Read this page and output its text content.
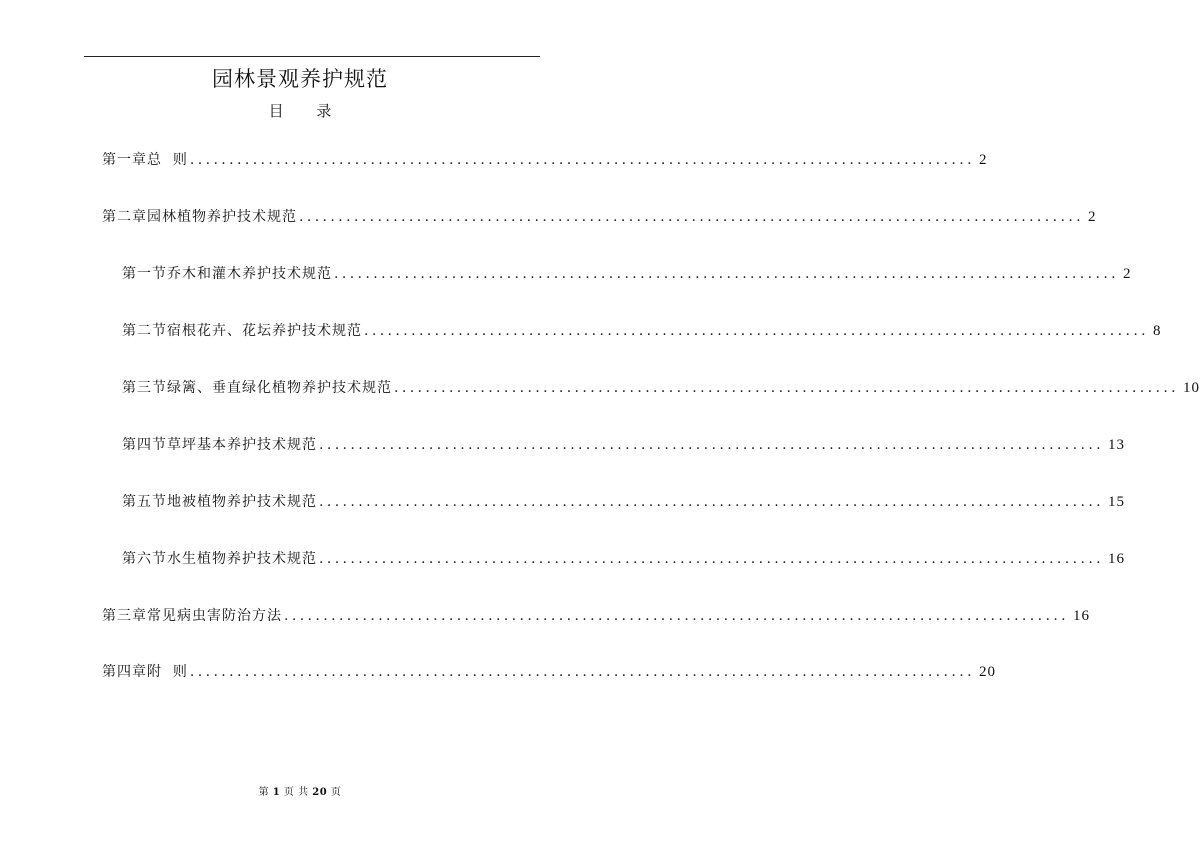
园林景观养护规范
目 录
第一章 总  则 .................................................................................................... 2
第二章 园林植物养护技术规范 .................................................................................................... 2
第一节 乔木和灌木养护技术规范 .................................................................................................... 2
第二节 宿根花卉、花坛养护技术规范 .................................................................................................... 8
第三节 绿篱、垂直绿化植物养护技术规范 .................................................................................................... 10
第四节 草坪基本养护技术规范 .................................................................................................... 13
第五节 地被植物养护技术规范 .................................................................................................... 15
第六节 水生植物养护技术规范 .................................................................................................... 16
第三章 常见病虫害防治方法 .................................................................................................... 16
第四章 附  则 .................................................................................................... 20
第 1 页 共 20 页
